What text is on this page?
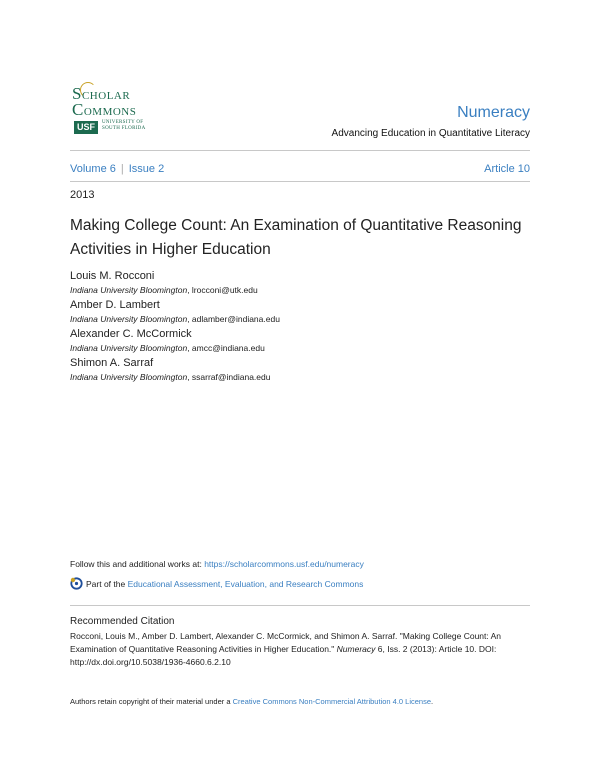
SCHOLAR
COMMONS
USF	UNIVERSITY OF
SOUTH FLORIDA
Numeracy
Advancing Education in Quantitative Literacy
Volume 6 | Issue 2	Article 10
2013
Making College Count: An Examination of Quantitative Reasoning Activities in Higher Education
Louis M. Rocconi
Indiana University Bloomington, lrocconi@utk.edu
Amber D. Lambert
Indiana University Bloomington, adlamber@indiana.edu
Alexander C. McCormick
Indiana University Bloomington, amcc@indiana.edu
Shimon A. Sarraf
Indiana University Bloomington, ssarraf@indiana.edu
Follow this and additional works at: https://scholarcommons.usf.edu/numeracy
Part of the Educational Assessment, Evaluation, and Research Commons
Recommended Citation
Rocconi, Louis M., Amber D. Lambert, Alexander C. McCormick, and Shimon A. Sarraf. "Making College Count: An Examination of Quantitative Reasoning Activities in Higher Education." Numeracy 6, Iss. 2 (2013): Article 10. DOI: http://dx.doi.org/10.5038/1936-4660.6.2.10
Authors retain copyright of their material under a Creative Commons Non-Commercial Attribution 4.0 License.
